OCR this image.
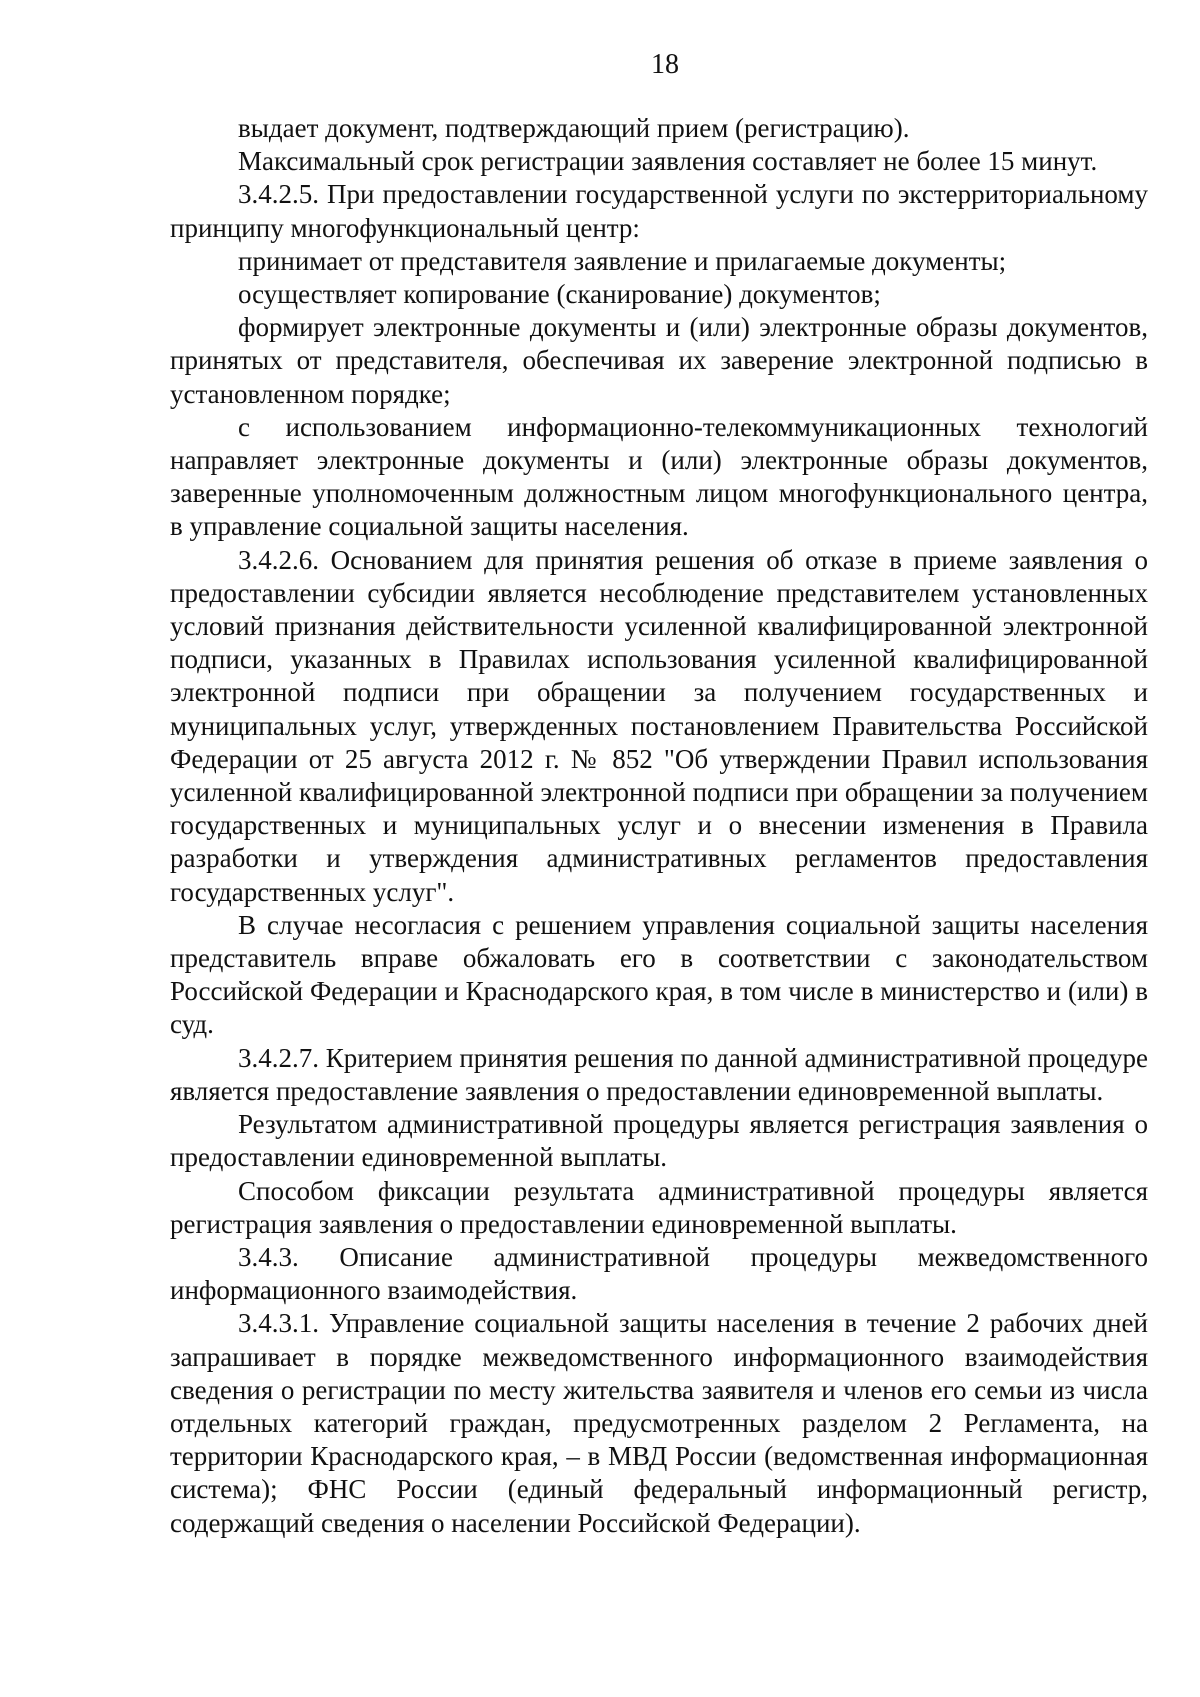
18

выдает документ, подтверждающий прием (регистрацию).

Максимальный срок регистрации заявления составляет не более 15 минут.

3.4.2.5. При предоставлении государственной услуги по экстерриториальному принципу многофункциональный центр:

принимает от представителя заявление и прилагаемые документы;

осуществляет копирование (сканирование) документов;

формирует электронные документы и (или) электронные образы документов, принятых от представителя, обеспечивая их заверение электронной подписью в установленном порядке;

с использованием информационно-телекоммуникационных технологий направляет электронные документы и (или) электронные образы документов, заверенные уполномоченным должностным лицом многофункционального центра, в управление социальной защиты населения.

3.4.2.6. Основанием для принятия решения об отказе в приеме заявления о предоставлении субсидии является несоблюдение представителем установленных условий признания действительности усиленной квалифицированной электронной подписи, указанных в Правилах использования усиленной квалифицированной электронной подписи при обращении за получением государственных и муниципальных услуг, утвержденных постановлением Правительства Российской Федерации от 25 августа 2012 г. № 852 "Об утверждении Правил использования усиленной квалифицированной электронной подписи при обращении за получением государственных и муниципальных услуг и о внесении изменения в Правила разработки и утверждения административных регламентов предоставления государственных услуг".

В случае несогласия с решением управления социальной защиты населения представитель вправе обжаловать его в соответствии с законодательством Российской Федерации и Краснодарского края, в том числе в министерство и (или) в суд.

3.4.2.7. Критерием принятия решения по данной административной процедуре является предоставление заявления о предоставлении единовременной выплаты.

Результатом административной процедуры является регистрация заявления о предоставлении единовременной выплаты.

Способом фиксации результата административной процедуры является регистрация заявления о предоставлении единовременной выплаты.

3.4.3. Описание административной процедуры межведомственного информационного взаимодействия.

3.4.3.1. Управление социальной защиты населения в течение 2 рабочих дней запрашивает в порядке межведомственного информационного взаимодействия сведения о регистрации по месту жительства заявителя и членов его семьи из числа отдельных категорий граждан, предусмотренных разделом 2 Регламента, на территории Краснодарского края, – в МВД России (ведомственная информационная система); ФНС России (единый федеральный информационный регистр, содержащий сведения о населении Российской Федерации).
